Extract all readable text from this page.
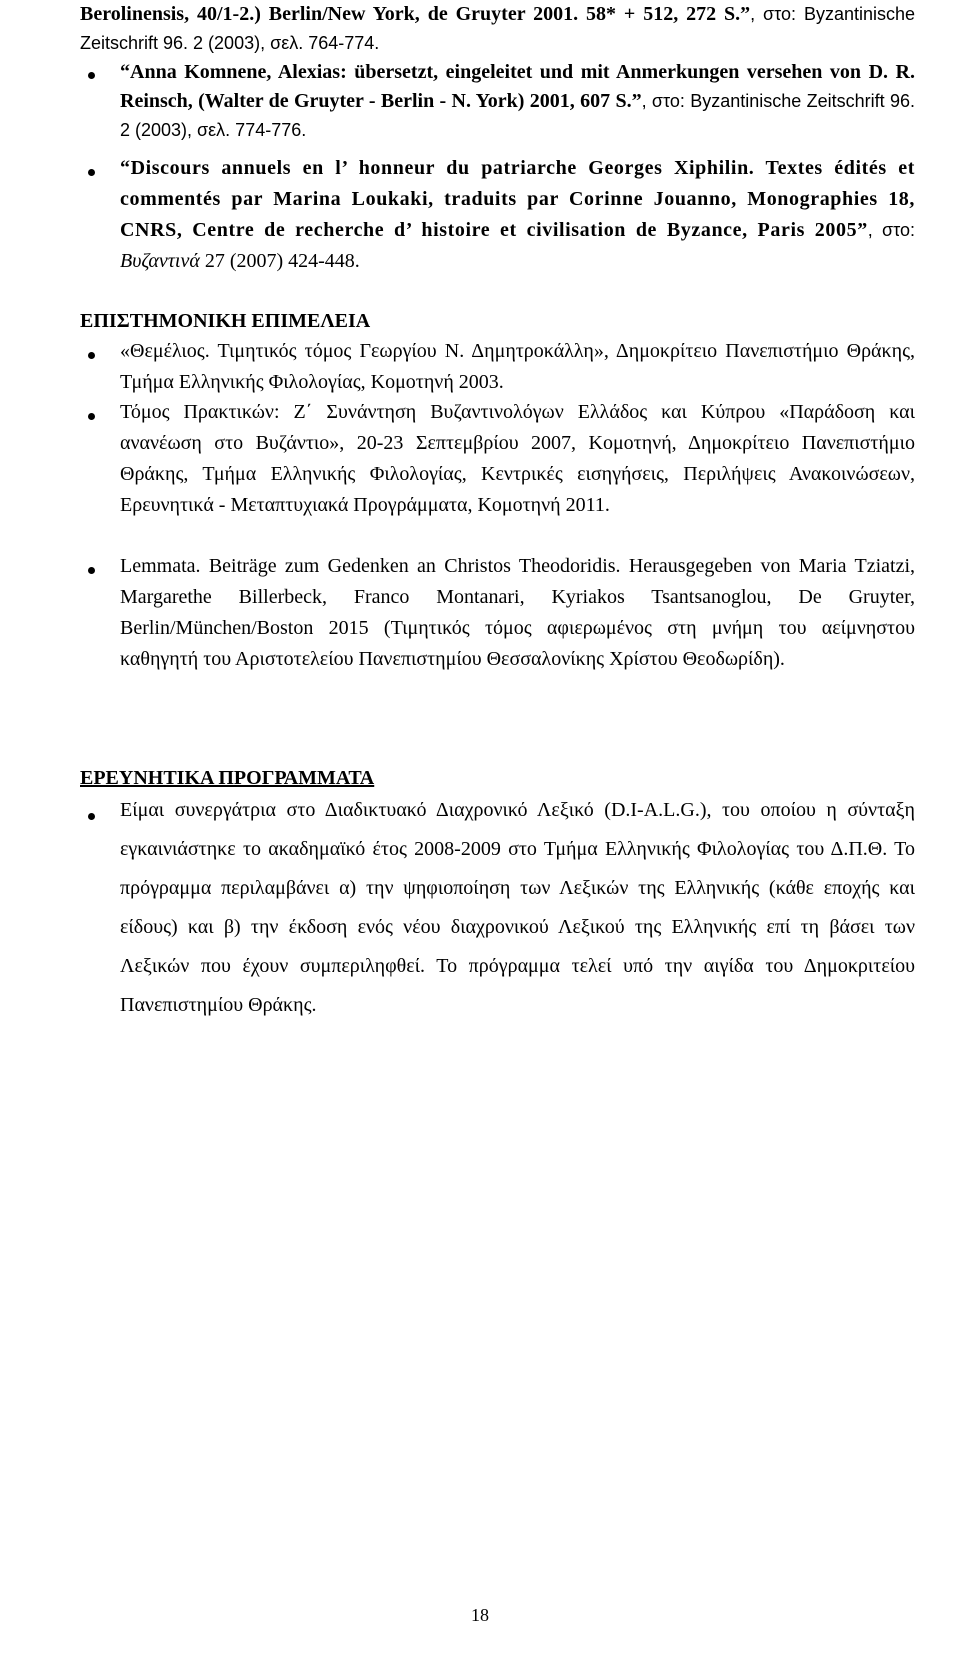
Berolinensis, 40/1-2.) Berlin/New York, de Gruyter 2001. 58* + 512, 272 S.”, στο: Byzantinische Zeitschrift 96. 2 (2003), σελ. 764-774.
“Anna Komnene, Alexias: übersetzt, eingeleitet und mit Anmerkungen versehen von D. R. Reinsch, (Walter de Gruyter - Berlin - N. York) 2001, 607 S.”, στο: Byzantinische Zeitschrift 96. 2 (2003), σελ. 774-776.
“Discours annuels en l’ honneur du patriarche Georges Xiphilin. Textes édités et commentés par Marina Loukaki, traduits par Corinne Jouanno, Monographies 18, CNRS, Centre de recherche d’ histoire et civilisation de Byzance, Paris 2005”, στο: Βυζαντινά 27 (2007) 424-448.
ΕΠΙΣΤΗΜΟΝΙΚΗ ΕΠΙΜΕΛΕΙΑ
«Θεμέλιος. Τιμητικός τόμος Γεωργίου Ν. Δημητροκάλλη», Δημοκρίτειο Πανεπιστήμιο Θράκης, Τμήμα Ελληνικής Φιλολογίας, Κομοτηνή 2003.
Τόμος Πρακτικών: Ζ΄ Συνάντηση Βυζαντινολόγων Ελλάδος και Κύπρου «Παράδοση και ανανέωση στο Βυζάντιο», 20-23 Σεπτεμβρίου 2007, Κομοτηνή, Δημοκρίτειο Πανεπιστήμιο Θράκης, Τμήμα Ελληνικής Φιλολογίας, Κεντρικές εισηγήσεις, Περιλήψεις Ανακοινώσεων, Ερευνητικά - Μεταπτυχιακά Προγράμματα, Κομοτηνή 2011.
Lemmata. Beiträge zum Gedenken an Christos Theodoridis. Herausgegeben von Maria Tziatzi, Margarethe Billerbeck, Franco Montanari, Kyriakos Tsantsanoglou, De Gruyter, Berlin/München/Boston 2015 (Τιμητικός τόμος αφιερωμένος στη μνήμη του αείμνηστου καθηγητή του Αριστοτελείου Πανεπιστημίου Θεσσαλονίκης Χρίστου Θεοδωρίδη).
ΕΡΕΥΝΗΤΙΚΑ ΠΡΟΓΡΑΜΜΑΤΑ
Είμαι συνεργάτρια στο Διαδικτυακό Διαχρονικό Λεξικό (D.I-A.L.G.), του οποίου η σύνταξη εγκαινιάστηκε το ακαδημαϊκό έτος 2008-2009 στο Τμήμα Ελληνικής Φιλολογίας του Δ.Π.Θ. Το πρόγραμμα περιλαμβάνει α) την ψηφιοποίηση των Λεξικών της Ελληνικής (κάθε εποχής και είδους) και β) την έκδοση ενός νέου διαχρονικού Λεξικού της Ελληνικής επί τη βάσει των Λεξικών που έχουν συμπεριληφθεί. Το πρόγραμμα τελεί υπό την αιγίδα του Δημοκριτείου Πανεπιστημίου Θράκης.
18
